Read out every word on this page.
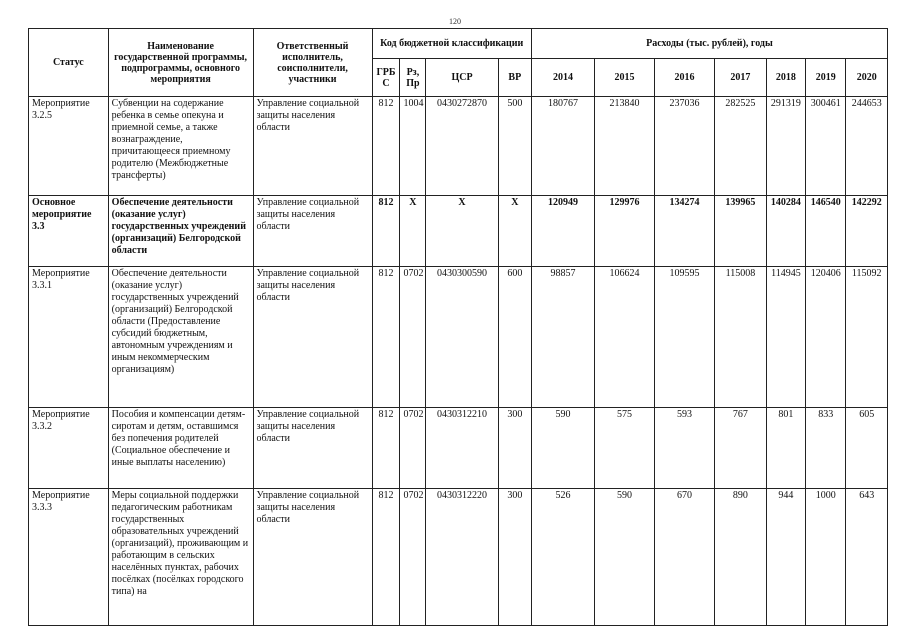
120
Статус	Наименование государственной программы, подпрограммы, основного мероприятия	Ответственный исполнитель, соисполнители, участники	Код бюджетной классификации				Расходы (тыс. рублей), годы						
			ГРБ С	Рз, Пр	ЦСР	ВР	2014	2015	2016	2017	2018	2019	2020
Мероприятие 3.2.5	Субвенции на содержание ребенка в семье опекуна и приемной семье, а также вознаграждение, причитающееся приемному родителю (Межбюджетные трансферты)	Управление социальной защиты населения области	812	1004	0430272870	500	180767	213840	237036	282525	291319	300461	244653
Основное мероприятие 3.3	Обеспечение деятельности (оказание услуг) государственных учреждений (организаций) Белгородской области	Управление социальной защиты населения области	812	X	X	X	120949	129976	134274	139965	140284	146540	142292
Мероприятие 3.3.1	Обеспечение деятельности (оказание услуг) государственных учреждений (организаций) Белгородской области (Предоставление субсидий бюджетным, автономным учреждениям и иным некоммерческим организациям)	Управление социальной защиты населения области	812	0702	0430300590	600	98857	106624	109595	115008	114945	120406	115092
Мероприятие 3.3.2	Пособия и компенсации детям-сиротам и детям, оставшимся без попечения родителей (Социальное обеспечение и иные выплаты населению)	Управление социальной защиты населения области	812	0702	0430312210	300	590	575	593	767	801	833	605
Мероприятие 3.3.3	Меры социальной поддержки педагогическим работникам государственных образовательных учреждений (организаций), проживающим и работающим в сельских населённых пунктах, рабочих посёлках (посёлках городского типа) на	Управление социальной защиты населения области	812	0702	0430312220	300	526	590	670	890	944	1000	643
